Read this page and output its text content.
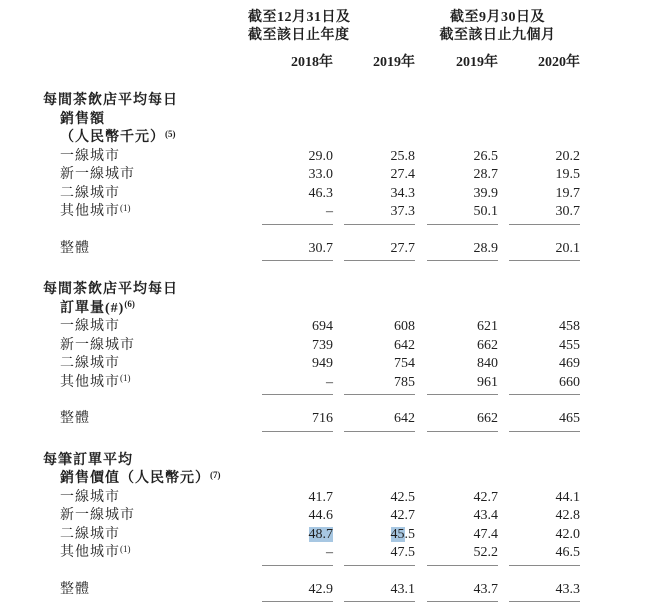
截至12月31日及
截至該日止年度
截至9月30日及
截至該日止九個月
2018年	2019年	2019年	2020年
每間茶飲店平均每日
銷售額
（人民幣千元）$^{(5)}$
一線城市	29.0	25.8	26.5	20.2
新一線城市	33.0	27.4	28.7	19.5
二線城市	46.3	34.3	39.9	19.7
其他城市$^{(1)}$	–	37.3	50.1	30.7
整體	30.7	27.7	28.9	20.1
每間茶飲店平均每日
訂單量(#)$^{(6)}$
一線城市	694	608	621	458
新一線城市	739	642	662	455
二線城市	949	754	840	469
其他城市$^{(1)}$	–	785	961	660
整體	716	642	662	465
每筆訂單平均
銷售價值（人民幣元）$^{(7)}$
一線城市	41.7	42.5	42.7	44.1
新一線城市	44.6	42.7	43.4	42.8
二線城市	48.7	45.5	47.4	42.0
其他城市$^{(1)}$	–	47.5	52.2	46.5
整體	42.9	43.1	43.7	43.3
